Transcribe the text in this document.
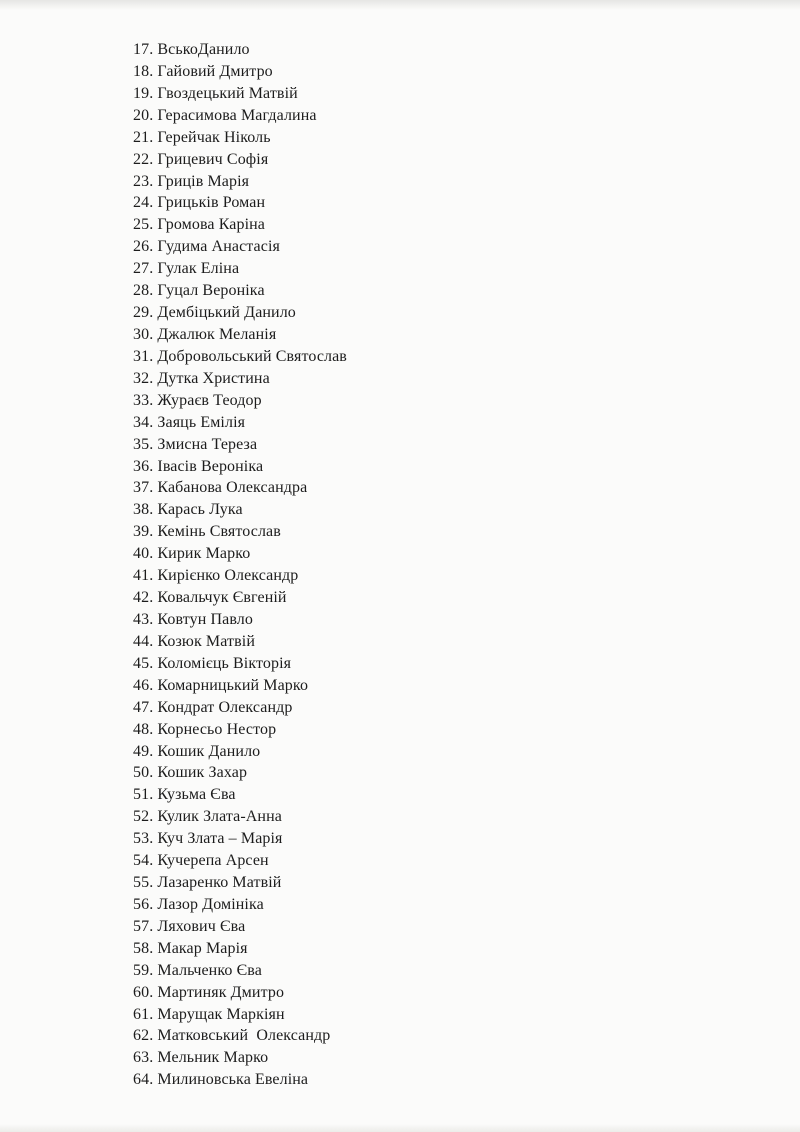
17. ВськоДанило
18. Гайовий Дмитро
19. Гвоздецький Матвій
20. Герасимова Магдалина
21. Герейчак Ніколь
22. Грицевич Софія
23. Гриців Марія
24. Грицьків Роман
25. Громова Каріна
26. Гудима Анастасія
27. Гулак Еліна
28. Гуцал Вероніка
29. Дембіцький Данило
30. Джалюк Меланія
31. Добровольський Святослав
32. Дутка Христина
33. Жураєв Теодор
34. Заяць Емілія
35. Змисна Тереза
36. Івасів Вероніка
37. Кабанова Олександра
38. Карась Лука
39. Кемінь Святослав
40. Кирик Марко
41. Кирієнко Олександр
42. Ковальчук Євгеній
43. Ковтун Павло
44. Козюк Матвій
45. Коломієць Вікторія
46. Комарницький Марко
47. Кондрат Олександр
48. Корнесьо Нестор
49. Кошик Данило
50. Кошик Захар
51. Кузьма Єва
52. Кулик Злата-Анна
53. Куч Злата – Марія
54. Кучерепа Арсен
55. Лазаренко Матвій
56. Лазор Домініка
57. Ляхович Єва
58. Макар Марія
59. Мальченко Єва
60. Мартиняк Дмитро
61. Марущак Маркіян
62. Матковський  Олександр
63. Мельник Марко
64. Милиновська Евеліна
